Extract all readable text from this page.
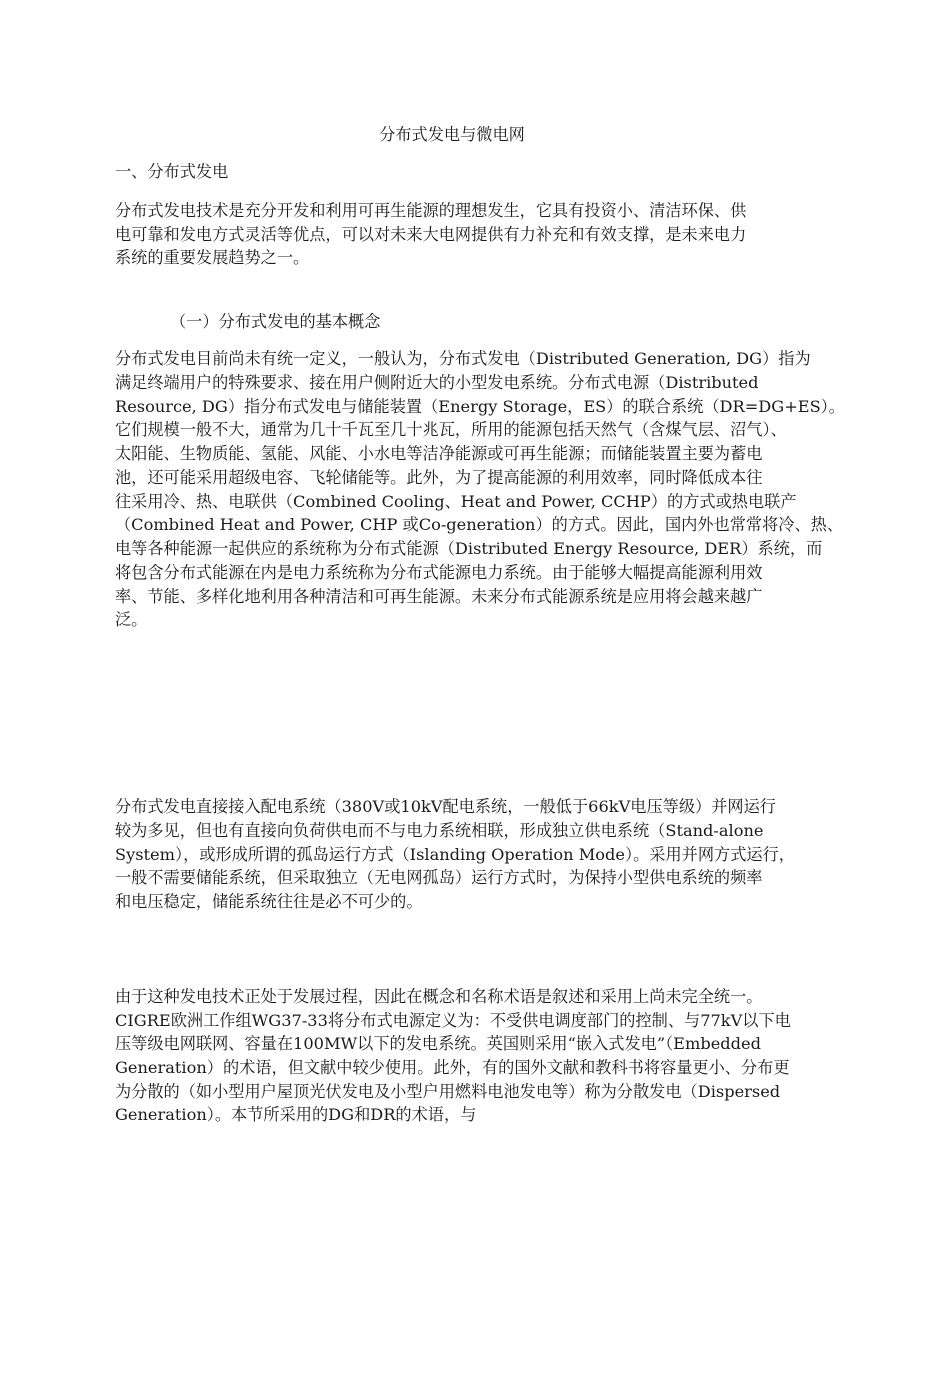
分布式发电与微电网
一、分布式发电
分布式发电技术是充分开发和利用可再生能源的理想发生，它具有投资小、清洁环保、供
电可靠和发电方式灵活等优点，可以对未来大电网提供有力补充和有效支撑，是未来电力
系统的重要发展趋势之一。
（一）分布式发电的基本概念
分布式发电目前尚未有统一定义，一般认为，分布式发电（Distributed Generation, DG）指为
满足终端用户的特殊要求、接在用户侧附近大的小型发电系统。分布式电源（Distributed
Resource, DG）指分布式发电与储能装置（Energy Storage，ES）的联合系统（DR=DG+ES）。
它们规模一般不大，通常为几十千瓦至几十兆瓦，所用的能源包括天然气（含煤气层、沼气）、
太阳能、生物质能、氢能、风能、小水电等洁净能源或可再生能源；而储能装置主要为蓄电
池，还可能采用超级电容、飞轮储能等。此外，为了提高能源的利用效率，同时降低成本往
往采用冷、热、电联供（Combined Cooling、Heat and Power, CCHP）的方式或热电联产
（Combined Heat and Power, CHP 或Co-generation）的方式。因此，国内外也常常将冷、热、
电等各种能源一起供应的系统称为分布式能源（Distributed Energy Resource, DER）系统，而
将包含分布式能源在内是电力系统称为分布式能源电力系统。由于能够大幅提高能源利用效
率、节能、多样化地利用各种清洁和可再生能源。未来分布式能源系统是应用将会越来越广
泛。
分布式发电直接接入配电系统（380V或10kV配电系统，一般低于66kV电压等级）并网运行
较为多见，但也有直接向负荷供电而不与电力系统相联，形成独立供电系统（Stand-alone
System），或形成所谓的孤岛运行方式（Islanding Operation Mode）。采用并网方式运行，
一般不需要储能系统，但采取独立（无电网孤岛）运行方式时，为保持小型供电系统的频率
和电压稳定，储能系统往往是必不可少的。
由于这种发电技术正处于发展过程，因此在概念和名称术语是叙述和采用上尚未完全统一。
CIGRE欧洲工作组WG37-33将分布式电源定义为：不受供电调度部门的控制、与77kV以下电
压等级电网联网、容量在100MW以下的发电系统。英国则采用“嵌入式发电”（Embedded
Generation）的术语，但文献中较少使用。此外，有的国外文献和教科书将容量更小、分布更
为分散的（如小型用户屋顶光伏发电及小型户用燃料电池发电等）称为分散发电（Dispersed
Generation）。本节所采用的DG和DR的术语，与
